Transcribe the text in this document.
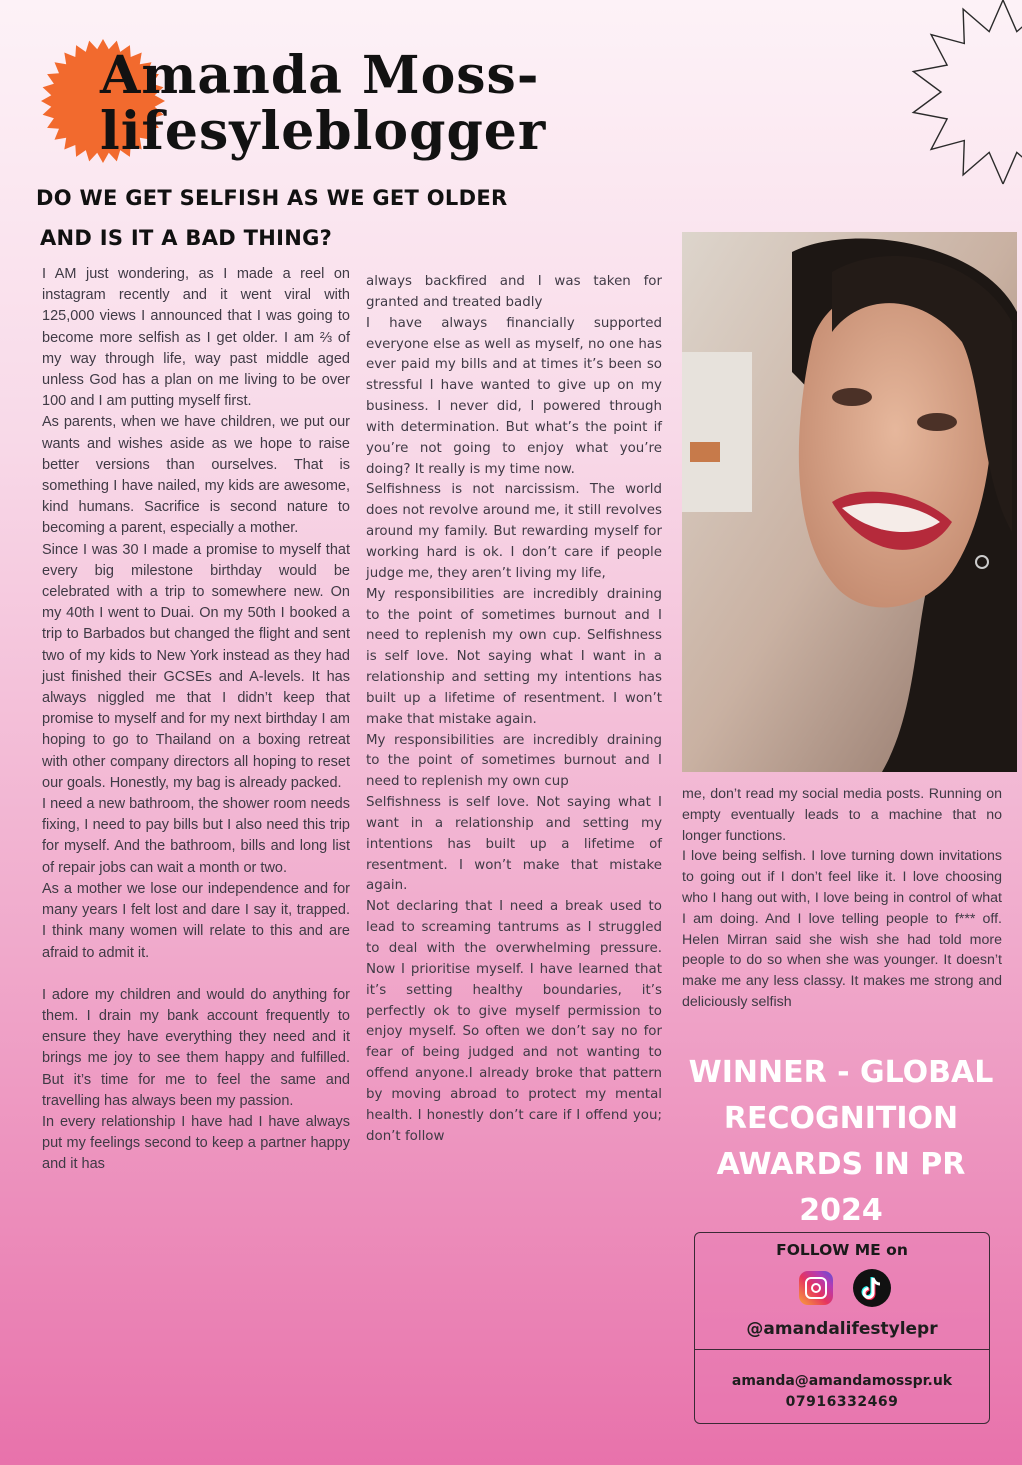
Amanda Moss-
lifesyleblogger
DO WE GET SELFISH AS WE GET OLDER
AND IS IT A BAD THING?

I AM just wondering, as I made a reel on instagram recently and it went viral with 125,000 views I announced that I was going to become more selfish as I get older. I am ⅔ of my way through life, way past middle aged unless God has a plan on me living to be over 100 and I am putting myself first.

As parents, when we have children, we put our wants and wishes aside as we hope to raise better versions than ourselves. That is something I have nailed, my kids are awesome, kind humans. Sacrifice is second nature to becoming a parent, especially a mother.

Since I was 30 I made a promise to myself that every big milestone birthday would be celebrated with a trip to somewhere new. On my 40th I went to Duai. On my 50th I booked a trip to Barbados but changed the flight and sent two of my kids to New York instead as they had just finished their GCSEs and A-levels. It has always niggled me that I didn’t keep that promise to myself and for my next birthday I am hoping to go to Thailand on a boxing retreat with other company directors all hoping to reset our goals. Honestly, my bag is already packed.

I need a new bathroom, the shower room needs fixing, I need to pay bills but I also need this trip for myself. And the bathroom, bills and long list of repair jobs can wait a month or two.

As a mother we lose our independence and for many years I felt lost and dare I say it, trapped. I think many women will relate to this and are afraid to admit it.

I adore my children and would do anything for them. I drain my bank account frequently to ensure they have everything they need and it brings me joy to see them happy and fulfilled. But it’s time for me to feel the same and travelling has always been my passion.

In every relationship I have had I have always put my feelings second to keep a partner happy and it has

always backfired and I was taken for granted and treated badly

I have always financially supported everyone else as well as myself, no one has ever paid my bills and at times it’s been so stressful I have wanted to give up on my business. I never did, I powered through with determination. But what’s the point if you’re not going to enjoy what you’re doing? It really is my time now.

Selfishness is not narcissism. The world does not revolve around me, it still revolves around my family. But rewarding myself for working hard is ok. I don’t care if people judge me, they aren’t living my life,

My responsibilities are incredibly draining to the point of sometimes burnout and I need to replenish my own cup. Selfishness is self love. Not saying what I want in a relationship and setting my intentions has built up a lifetime of resentment. I won’t make that mistake again.

My responsibilities are incredibly draining to the point of sometimes burnout and I need to replenish my own cup

Selfishness is self love. Not saying what I want in a relationship and setting my intentions has built up a lifetime of resentment. I won’t make that mistake again.

Not declaring that I need a break used to lead to screaming tantrums as I struggled to deal with the overwhelming pressure. Now I prioritise myself. I have learned that it’s setting healthy boundaries, it’s perfectly ok to give myself permission to enjoy myself. So often we don’t say no for fear of being judged and not wanting to offend anyone.I already broke that pattern by moving abroad to protect my mental health. I honestly don’t care if I offend you; don’t follow

me, don’t read my social media posts. Running on empty eventually leads to a machine that no longer functions.

I love being selfish. I love turning down invitations to going out if I don’t feel like it. I love choosing who I hang out with, I love being in control of what I am doing. And I love telling people to f*** off. Helen Mirran said she wish she had told more people to do so when she was younger. It doesn’t make me any less classy. It makes me strong and deliciously selfish

WINNER - GLOBAL
RECOGNITION
AWARDS IN PR
2024
FOLLOW ME on
@amandalifestylepr
amanda@amandamosspr.uk
07916332469
